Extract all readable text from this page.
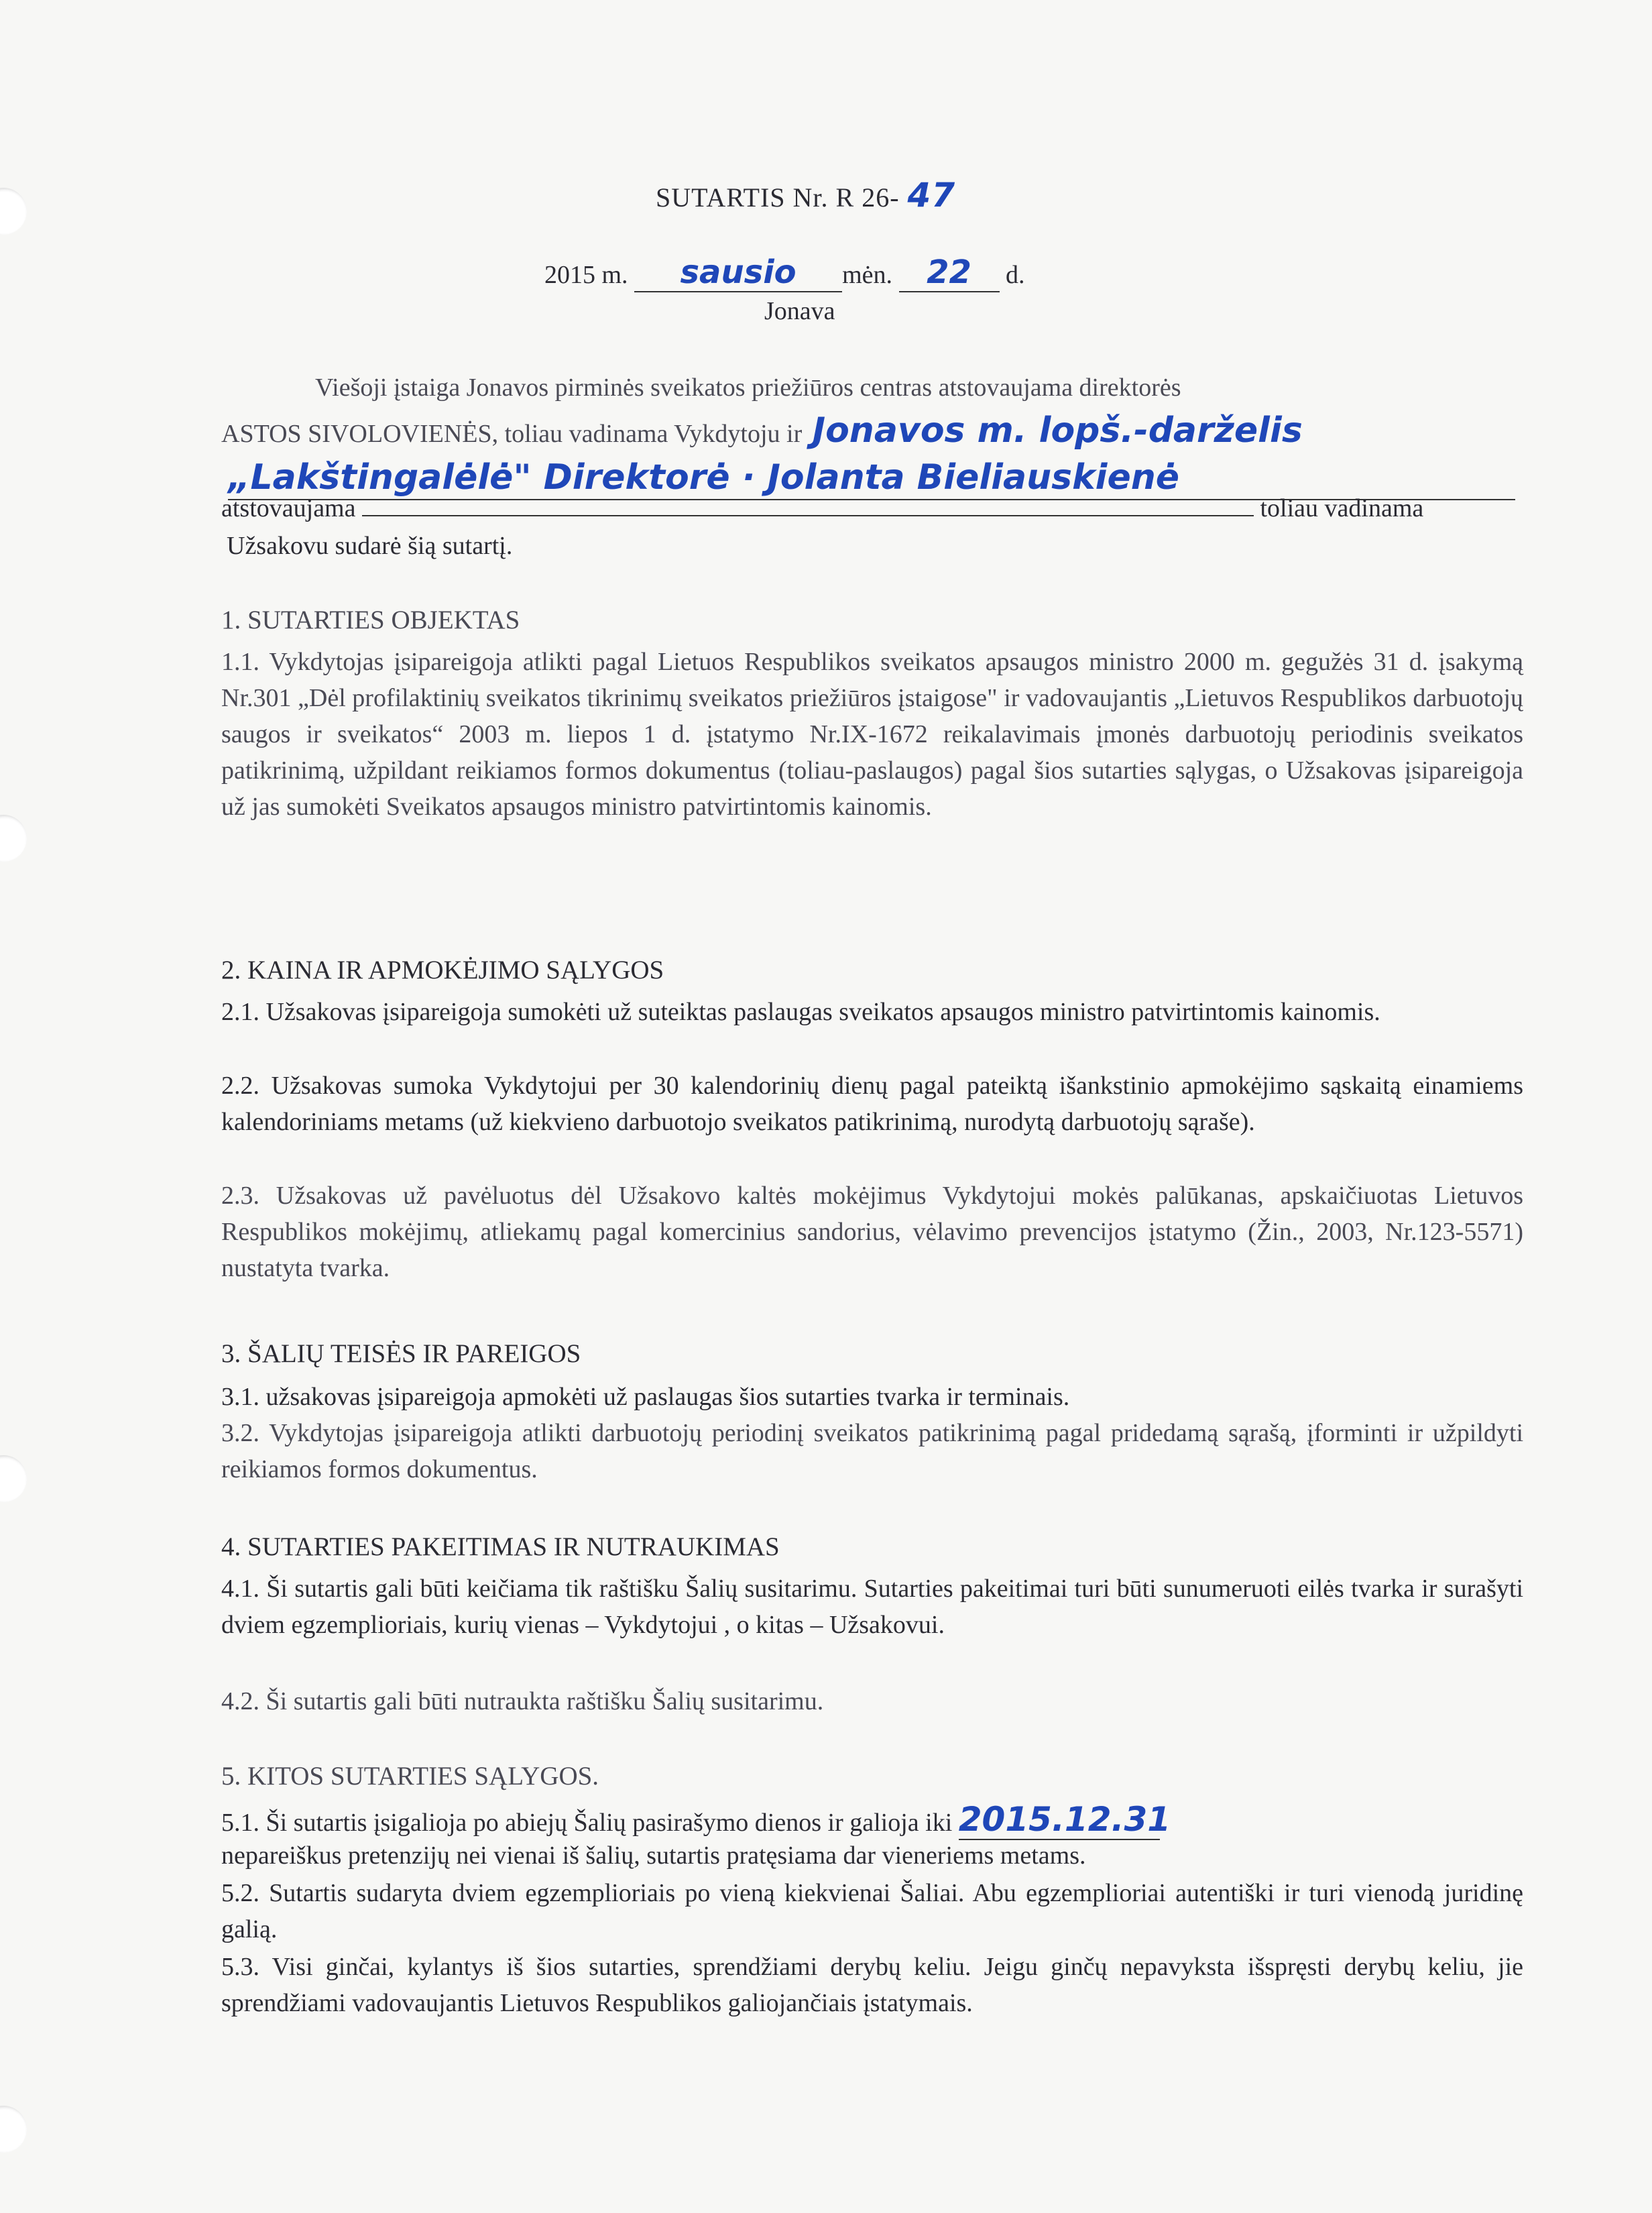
SUTARTIS Nr. R 26- 47
2015 m. sausio mėn. 22 d.
Jonava
Viešoji įstaiga Jonavos pirminės sveikatos priežiūros centras atstovaujama direktorės
ASTOS SIVOLOVIENĖS, toliau vadinama Vykdytoju ir Jonavos m. lopš.-darželis
„Lakštingalėlė" Direktorė · Jolanta Bieliauskienė
atstovaujama	toliau vadinama
Užsakovu sudarė šią sutartį.
1. SUTARTIES OBJEKTAS
1.1. Vykdytojas įsipareigoja atlikti pagal Lietuos Respublikos sveikatos apsaugos ministro 2000 m. gegužės 31 d. įsakymą Nr.301 „Dėl profilaktinių sveikatos tikrinimų sveikatos priežiūros įstaigose" ir vadovaujantis „Lietuvos Respublikos darbuotojų saugos ir sveikatos“ 2003 m. liepos 1 d. įstatymo Nr.IX-1672 reikalavimais įmonės darbuotojų periodinis sveikatos patikrinimą, užpildant reikiamos formos dokumentus (toliau-paslaugos) pagal šios sutarties sąlygas, o Užsakovas įsipareigoja už jas sumokėti Sveikatos apsaugos ministro patvirtintomis kainomis.
2. KAINA IR APMOKĖJIMO SĄLYGOS
2.1. Užsakovas įsipareigoja sumokėti už suteiktas paslaugas sveikatos apsaugos ministro patvirtintomis kainomis.
2.2. Užsakovas sumoka Vykdytojui per 30 kalendorinių dienų pagal pateiktą išankstinio apmokėjimo sąskaitą einamiems kalendoriniams metams (už kiekvieno darbuotojo sveikatos patikrinimą, nurodytą darbuotojų sąraše).
2.3. Užsakovas už pavėluotus dėl Užsakovo kaltės mokėjimus Vykdytojui mokės palūkanas, apskaičiuotas Lietuvos Respublikos mokėjimų, atliekamų pagal komercinius sandorius, vėlavimo prevencijos įstatymo (Žin., 2003, Nr.123-5571) nustatyta tvarka.
3. ŠALIŲ TEISĖS IR PAREIGOS
3.1. užsakovas įsipareigoja apmokėti už paslaugas šios sutarties tvarka ir terminais.
3.2. Vykdytojas įsipareigoja atlikti darbuotojų periodinį sveikatos patikrinimą pagal pridedamą sąrašą, įforminti ir užpildyti reikiamos formos dokumentus.
4. SUTARTIES PAKEITIMAS IR NUTRAUKIMAS
4.1. Ši sutartis gali būti keičiama tik raštišku Šalių susitarimu. Sutarties pakeitimai turi būti sunumeruoti eilės tvarka ir surašyti dviem egzemplioriais, kurių vienas – Vykdytojui , o kitas – Užsakovui.
4.2. Ši sutartis gali būti nutraukta raštišku Šalių susitarimu.
5. KITOS SUTARTIES SĄLYGOS.
5.1. Ši sutartis įsigalioja po abiejų Šalių pasirašymo dienos ir galioja iki 2015.12.31
nepareiškus pretenzijų nei vienai iš šalių, sutartis pratęsiama dar vieneriems metams.
5.2. Sutartis sudaryta dviem egzemplioriais po vieną kiekvienai Šaliai. Abu egzemplioriai autentiški ir turi vienodą juridinę galią.
5.3. Visi ginčai, kylantys iš šios sutarties, sprendžiami derybų keliu. Jeigu ginčų nepavyksta išspręsti derybų keliu, jie sprendžiami vadovaujantis Lietuvos Respublikos galiojančiais įstatymais.
